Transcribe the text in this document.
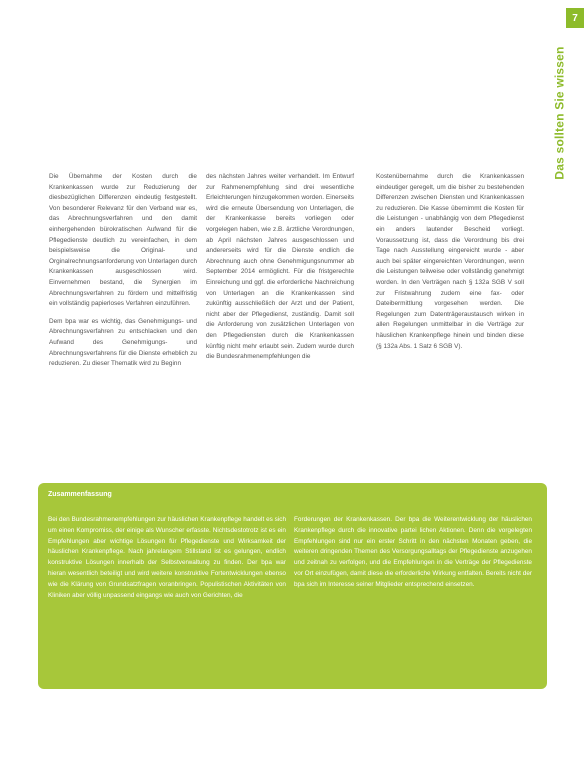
7
Das sollten Sie wissen

Die Übernahme der Kosten durch die Krankenkassen wurde zur Reduzierung der diesbezüglichen Differenzen eindeutig festgestellt. Von besonderer Relevanz für den Verband war es, das Abrechnungsverfahren und den damit einhergehenden bürokratischen Aufwand für die Pflegedienste deutlich zu vereinfachen, in dem beispielsweise die Original- und Orginalrechnungsanforderung von Unterlagen durch Krankenkassen ausgeschlossen wird. Einvernehmen bestand, die Synergien im Abrechnungsverfahren zu fördern und mittelfristig ein vollständig papierloses Verfahren einzuführen.

Dem bpa war es wichtig, das Genehmigungs- und Abrechnungsverfahren zu entschlacken und den Aufwand des Genehmigungs- und Abrechnungsverfahrens für die Dienste erheblich zu reduzieren. Zu dieser Thematik wird zu Beginn

des nächsten Jahres weiter verhandelt. Im Entwurf zur Rahmenempfehlung sind drei wesentliche Erleichterungen hinzugekommen worden. Einerseits wird die erneute Übersendung von Unterlagen, die der Krankenkasse bereits vorliegen oder vorgelegen haben, wie z.B. ärztliche Verordnungen, ab April nächsten Jahres ausgeschlossen und andererseits wird für die Dienste endlich die Abrechnung auch ohne Genehmigungsnummer ab September 2014 ermöglicht. Für die fristgerechte Einreichung und ggf. die erforderliche Nachreichung von Unterlagen an die Krankenkassen sind zukünftig ausschließlich der Arzt und der Patient, nicht aber der Pflegedienst, zuständig. Damit soll die Anforderung von zusätzlichen Unterlagen von den Pflegediensten durch die Krankenkassen künftig nicht mehr erlaubt sein. Zudem wurde durch die Bundesrahmenempfehlungen die

Kostenübernahme durch die Krankenkassen eindeutiger geregelt, um die bisher zu bestehenden Differenzen zwischen Diensten und Krankenkassen zu reduzieren. Die Kasse übernimmt die Kosten für die Leistungen - unabhängig von dem Pflegedienst ein anders lautender Bescheid vorliegt. Voraussetzung ist, dass die Verordnung bis drei Tage nach Ausstellung eingereicht wurde - aber auch bei später eingereichten Verordnungen, wenn die Leistungen teilweise oder vollständig genehmigt worden. In den Verträgen nach § 132a SGB V soll zur Fristwahrung zudem eine fax- oder Dateibermittlung vorgesehen werden. Die Regelungen zum Datenträgeraustausch wirken in allen Regelungen unmittelbar in die Verträge zur häuslichen Krankenpflege hinein und binden diese (§ 132a Abs. 1 Satz 6 SGB V).

Zusammenfassung
Bei den Bundesrahmenempfehlungen zur häuslichen Krankenpflege handelt es sich um einen Kompromiss, der einige als Wunscher erfasste. Nichtsdestotrotz ist es ein Empfehlungen aber wichtige Lösungen für Pflegedienste und Wirksamkeit der häuslichen Krankenpflege. Nach jahrelangem Stillstand ist es gelungen, endlich konstruktive Lösungen innerhalb der Selbstverwaltung zu finden. Der bpa war hieran wesentlich beteiligt und wird weitere konstruktive Fortentwicklungen ebenso wie die Klärung von Grundsatzfragen voranbringen. Populistischen Aktivitäten von Kliniken aber völlig unpassend eingangs wie auch von Gerichten, die
Forderungen der Krankenkassen. Der bpa die Weiterentwicklung der häuslichen Krankenpflege durch die innovative partei lichen Aktionen. Denn die vorgelegten Empfehlungen sind nur ein erster Schritt in den nächsten Monaten geben, die weiteren dringenden Themen des Versorgungsalltags der Pflegedienste anzugehen und zeitnah zu verfolgen, und die Empfehlungen in die Verträge der Pflegedienste vor Ort einzufügen, damit diese die erforderliche Wirkung entfalten. Bereits nicht der bpa sich im Interesse seiner Mitglieder entsprechend einsetzen.
